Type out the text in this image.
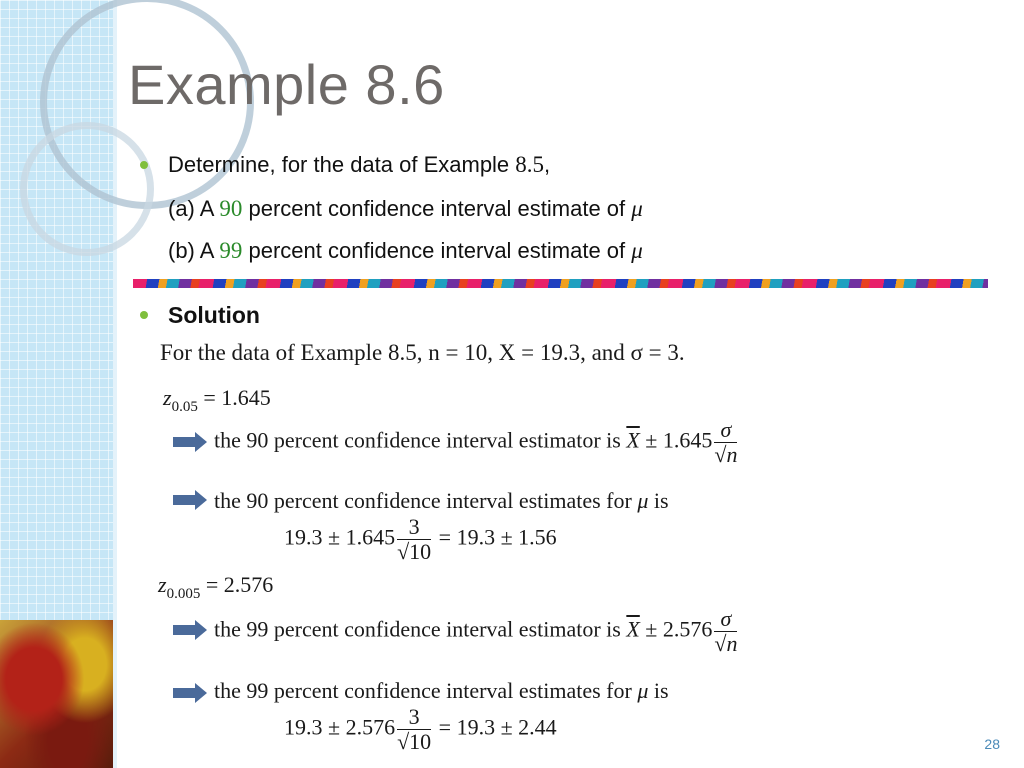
Example 8.6
Determine, for the data of Example 8.5,
(a) A 90 percent confidence interval estimate of μ
(b) A 99 percent confidence interval estimate of μ
Solution
For the data of Example 8.5, n = 10, X = 19.3, and σ = 3.
$z_{0.05} = 1.645$
the 90 percent confidence interval estimator is $\overline{X} \pm 1.645 \frac{\sigma}{√n}$
the 90 percent confidence interval estimates for μ is
$19.3 \pm 1.645 \frac{3}{√10} = 19.3 \pm 1.56$
$z_{0.005} = 2.576$
the 99 percent confidence interval estimator is $\overline{X} \pm 2.576 \frac{\sigma}{√n}$
the 99 percent confidence interval estimates for μ is
$19.3 \pm 2.576 \frac{3}{√10} = 19.3 \pm 2.44$
28
